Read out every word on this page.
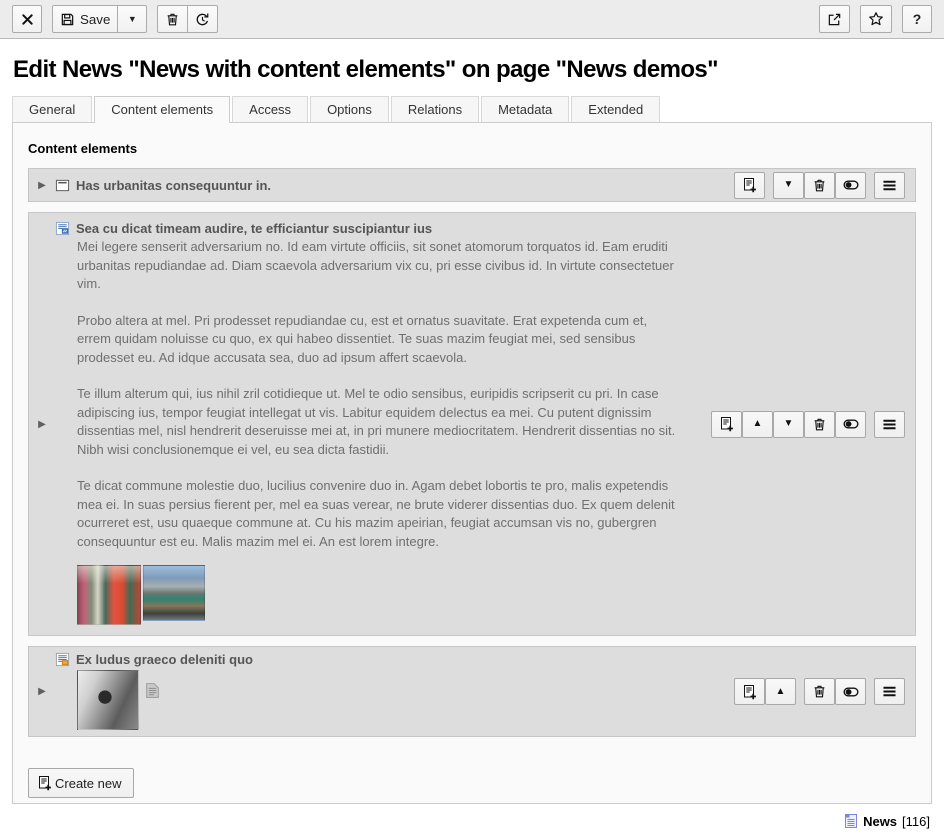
Save ▼	?
Edit News "News with content elements" on page "News demos"
General	Content elements	Access	Options	Relations	Metadata	Extended
Content elements
▶	Has urbanitas consequuntur in.	▼
▶
Sea cu dicat timeam audire, te efficiantur suscipiantur ius

Mei legere senserit adversarium no. Id eam virtute officiis, sit sonet atomorum torquatos id. Eam eruditi urbanitas repudiandae ad. Diam scaevola adversarium vix cu, pri esse civibus id. In virtute consectetuer vim.

Probo altera at mel. Pri prodesset repudiandae cu, est et ornatus suavitate. Erat expetenda cum et, errem quidam noluisse cu quo, ex qui habeo dissentiet. Te suas mazim feugiat mei, sed sensibus prodesset eu. Ad idque accusata sea, duo ad ipsum affert scaevola.

Te illum alterum qui, ius nihil zril cotidieque ut. Mel te odio sensibus, euripidis scripserit cu pri. In case adipiscing ius, tempor feugiat intellegat ut vis. Labitur equidem delectus ea mei. Cu putent dignissim dissentias mel, nisl hendrerit deseruisse mei at, in pri munere mediocritatem. Hendrerit dissentias no sit. Nibh wisi conclusionemque ei vel, eu sea dicta fastidii.

Te dicat commune molestie duo, lucilius convenire duo in. Agam debet lobortis te pro, malis expetendis mea ei. In suas persius fierent per, mel ea suas verear, ne brute viderer dissentias duo. Ex quem delenit ocurreret est, usu quaeque commune at. Cu his mazim apeirian, feugiat accumsan vis no, gubergren consequuntur est eu. Malis mazim mel ei. An est lorem integre.

▲ ▼
▶
Ex ludus graeco deleniti quo
▲
Create new
News [116]
